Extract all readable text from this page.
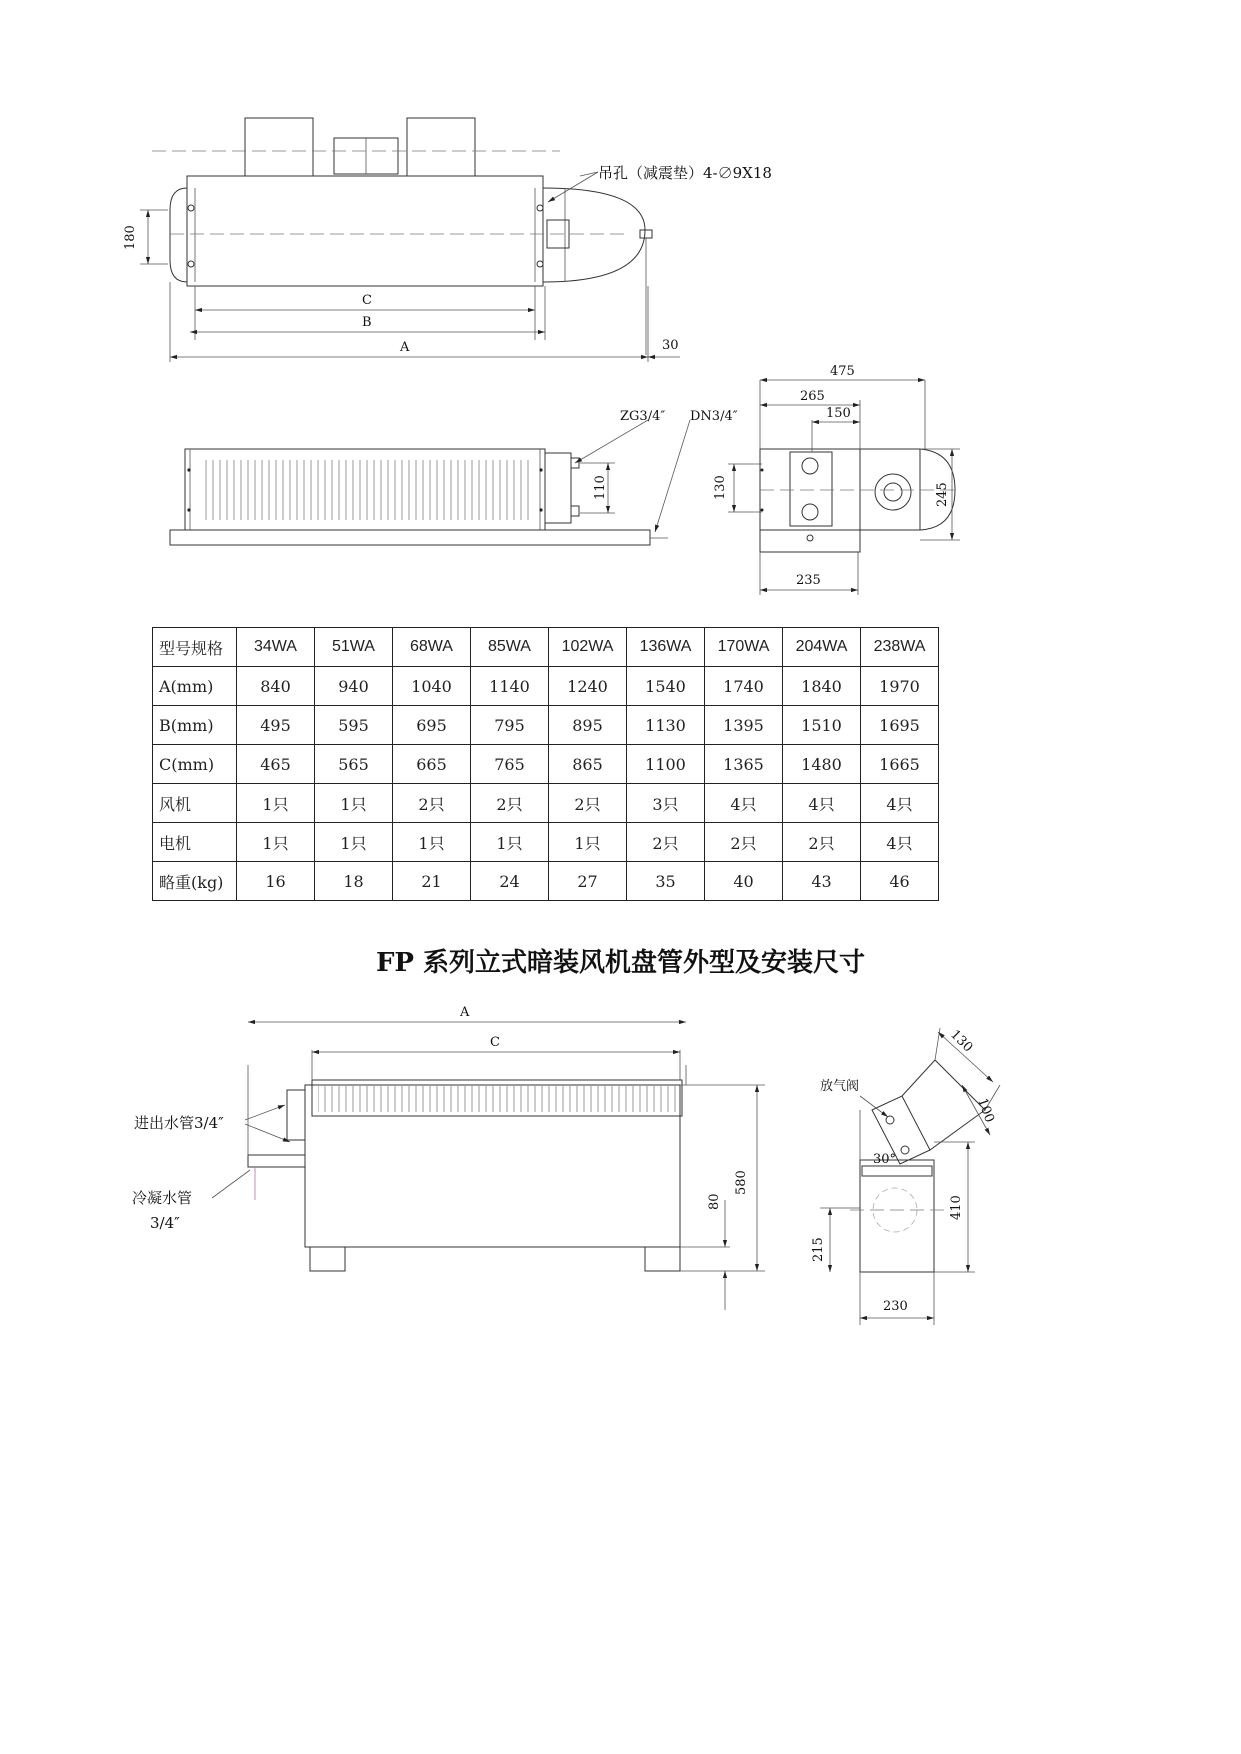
吊孔（减震垫）4-∅9X18
180
C
B
A	30
ZG3/4″ DN3/4″
110
475
265
150
130	245
235
A
C
进出水管3/4″
冷凝水管
3/4″
580
80
放气阀
130
100
30°
410
215
230
型号规格	34WA	51WA	68WA	85WA	102WA	136WA	170WA	204WA	238WA
A(mm)	840	940	1040	1140	1240	1540	1740	1840	1970
B(mm)	495	595	695	795	895	1130	1395	1510	1695
C(mm)	465	565	665	765	865	1100	1365	1480	1665
风机	1只	1只	2只	2只	2只	3只	4只	4只	4只
电机	1只	1只	1只	1只	1只	2只	2只	2只	4只
略重(kg)	16	18	21	24	27	35	40	43	46
FP 系列立式暗装风机盘管外型及安装尺寸
